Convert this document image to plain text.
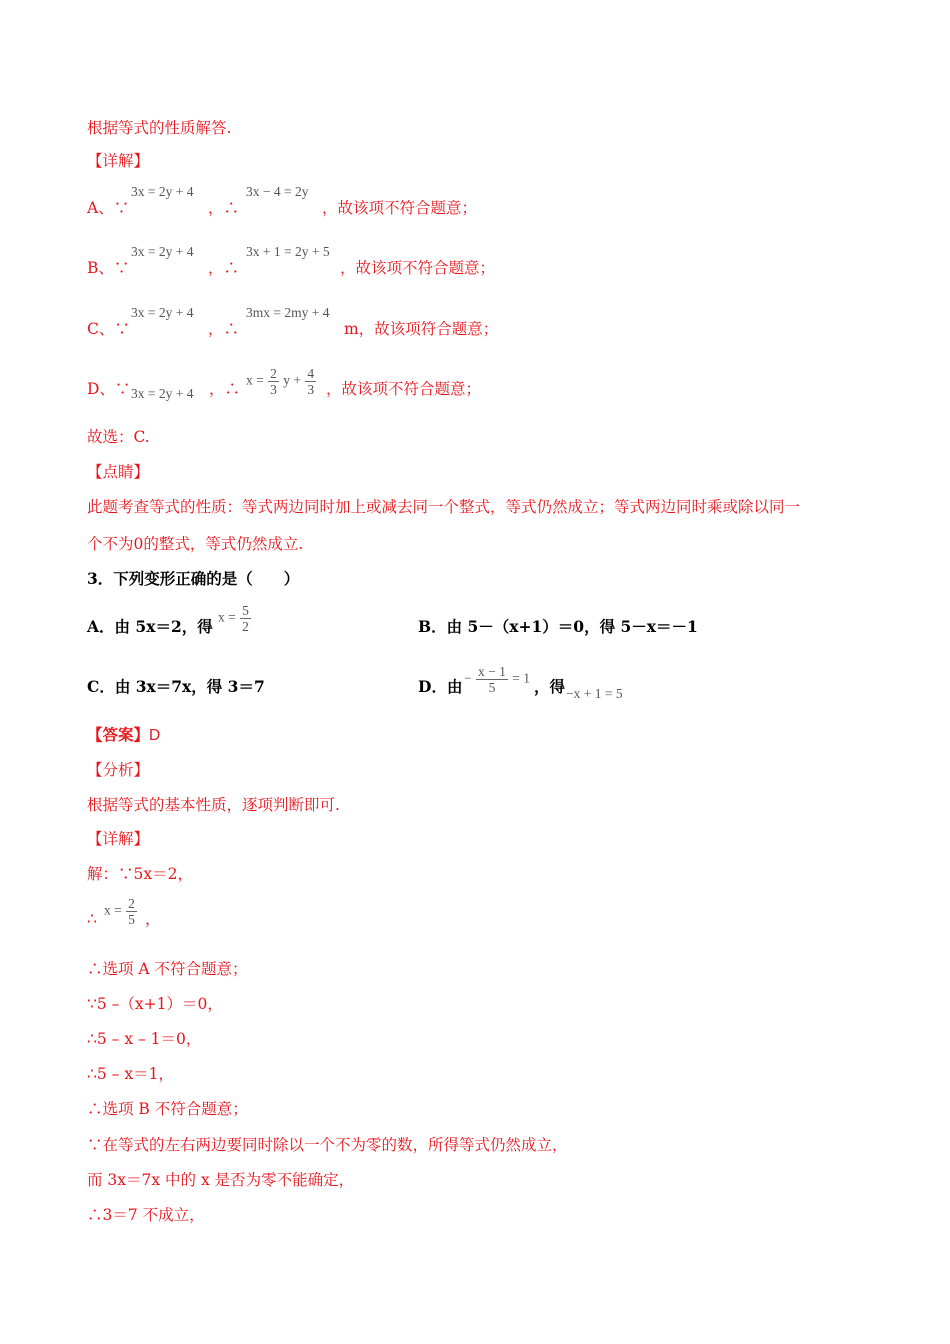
根据等式的性质解答.
【详解】
A、∵
3x = 2y + 4
，∴
3x − 4 = 2y
，故该项不符合题意；
B、∵
3x = 2y + 4
，∴
3x + 1 = 2y + 5
，故该项不符合题意；
C、∵
3x = 2y + 4
，∴
3mx = 2my + 4
m，故该项符合题意；
D、∵ 3x = 2y + 4 ，∴ $x = \frac{2}{3}$ $y + \frac{4}{3}$ ，故该项不符合题意；
故选：C.
【点睛】
此题考查等式的性质：等式两边同时加上或减去同一个整式，等式仍然成立；等式两边同时乘或除以同一
个不为0的整式，等式仍然成立.
3．下列变形正确的是（　　）
A．由 5x＝2，得 $x = \frac{5}{2}$	B．由 5－（x+1）＝0，得 5－x＝－1
C．由 3x＝7x，得 3＝7	D．由 − $\frac{x - 1}{5} = 1$ ，得 −x + 1 = 5
【答案】D
【分析】
根据等式的基本性质，逐项判断即可.
【详解】
解：∵5x＝2，
∴ $x = \frac{2}{5}$ ，
∴选项 A 不符合题意；
∵5 –（x+1）＝0，
∴5 – x – 1＝0，
∴5 – x＝1，
∴选项 B 不符合题意；
∵在等式的左右两边要同时除以一个不为零的数，所得等式仍然成立，
而 3x＝7x 中的 x 是否为零不能确定，
∴3＝7 不成立，
